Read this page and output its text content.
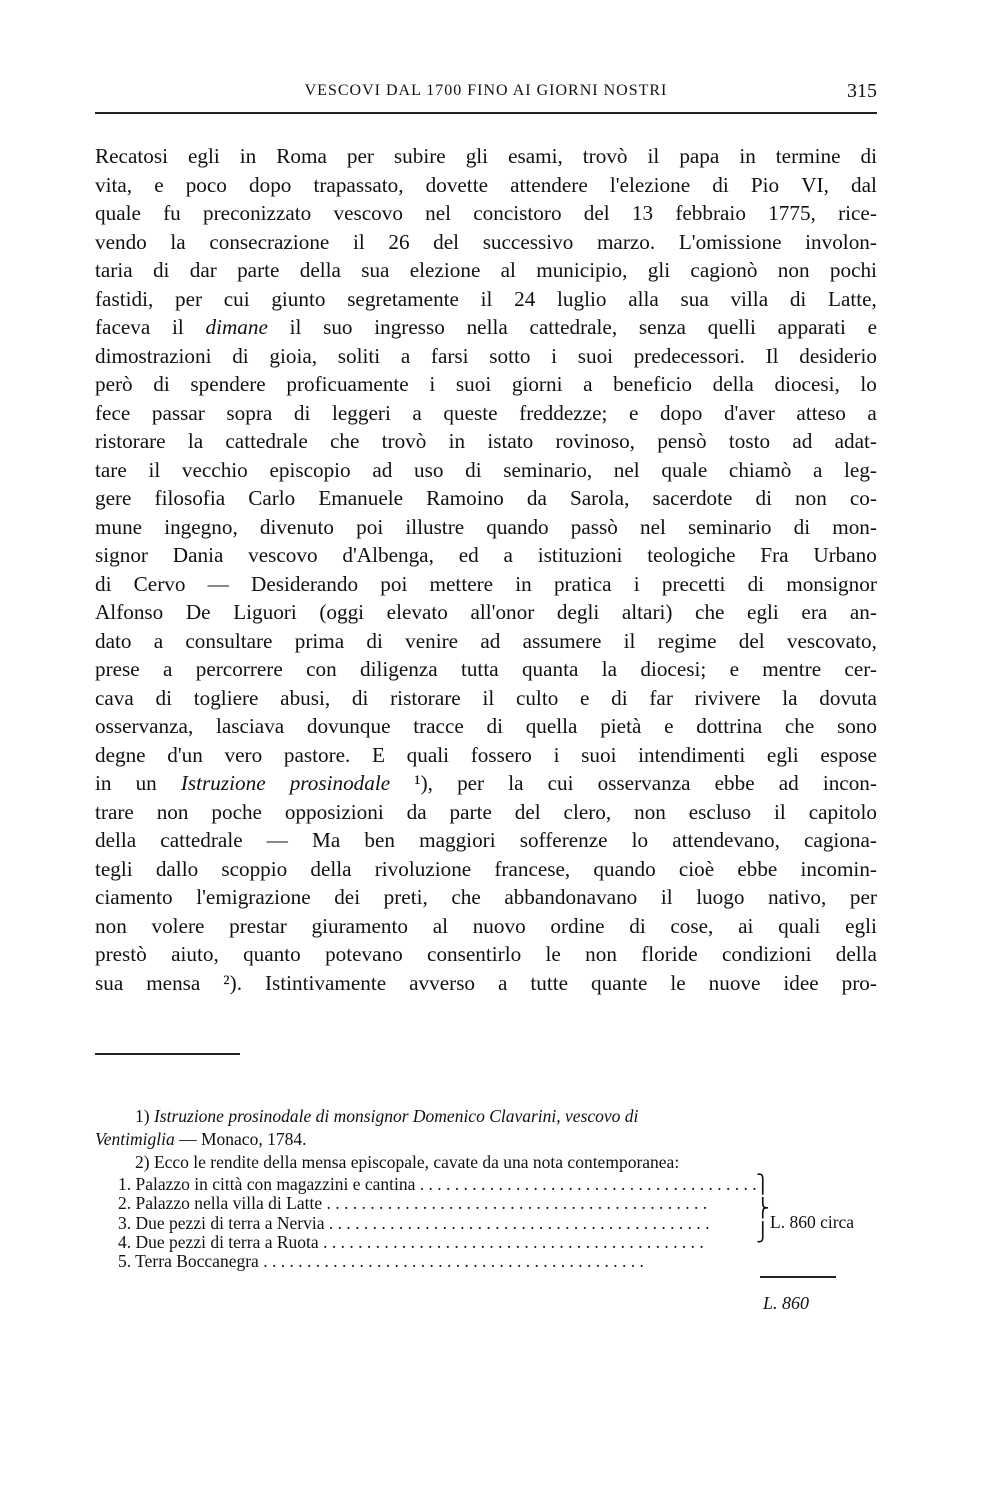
VESCOVI DAL 1700 FINO AI GIORNI NOSTRI	315
Recatosi egli in Roma per subire gli esami, trovò il papa in termine di
vita, e poco dopo trapassato, dovette attendere l'elezione di Pio VI, dal
quale fu preconizzato vescovo nel concistoro del 13 febbraio 1775, rice-
vendo la consecrazione il 26 del successivo marzo. L'omissione involon-
taria di dar parte della sua elezione al municipio, gli cagionò non pochi
fastidi, per cui giunto segretamente il 24 luglio alla sua villa di Latte,
faceva il dimane il suo ingresso nella cattedrale, senza quelli apparati e
dimostrazioni di gioia, soliti a farsi sotto i suoi predecessori. Il desiderio
però di spendere proficuamente i suoi giorni a beneficio della diocesi, lo
fece passar sopra di leggeri a queste freddezze; e dopo d'aver atteso a
ristorare la cattedrale che trovò in istato rovinoso, pensò tosto ad adat-
tare il vecchio episcopio ad uso di seminario, nel quale chiamò a leg-
gere filosofia Carlo Emanuele Ramoino da Sarola, sacerdote di non co-
mune ingegno, divenuto poi illustre quando passò nel seminario di mon-
signor Dania vescovo d'Albenga, ed a istituzioni teologiche Fra Urbano
di Cervo — Desiderando poi mettere in pratica i precetti di monsignor
Alfonso De Liguori (oggi elevato all'onor degli altari) che egli era an-
dato a consultare prima di venire ad assumere il regime del vescovato,
prese a percorrere con diligenza tutta quanta la diocesi; e mentre cer-
cava di togliere abusi, di ristorare il culto e di far rivivere la dovuta
osservanza, lasciava dovunque tracce di quella pietà e dottrina che sono
degne d'un vero pastore. E quali fossero i suoi intendimenti egli espose
in un Istruzione prosinodale ¹), per la cui osservanza ebbe ad incon-
trare non poche opposizioni da parte del clero, non escluso il capitolo
della cattedrale — Ma ben maggiori sofferenze lo attendevano, cagiona-
tegli dallo scoppio della rivoluzione francese, quando cioè ebbe incomin-
ciamento l'emigrazione dei preti, che abbandonavano il luogo nativo, per
non volere prestar giuramento al nuovo ordine di cose, ai quali egli
prestò aiuto, quanto potevano consentirlo le non floride condizioni della
sua mensa ²). Istintivamente avverso a tutte quante le nuove idee pro-
1) Istruzione prosinodale di monsignor Domenico Clavarini, vescovo di
Ventimiglia — Monaco, 1784.
2) Ecco le rendite della mensa episcopale, cavate da una nota contemporanea:
1. Palazzo in città con magazzini e cantina . . .
2. Palazzo nella villa di Latte . . .
3. Due pezzi di terra a Nervia . . .
4. Due pezzi di terra a Ruota . . .
5. Terra Boccanegra . . .
⎫
⎬
⎭ L. 860 circa
L. 860
